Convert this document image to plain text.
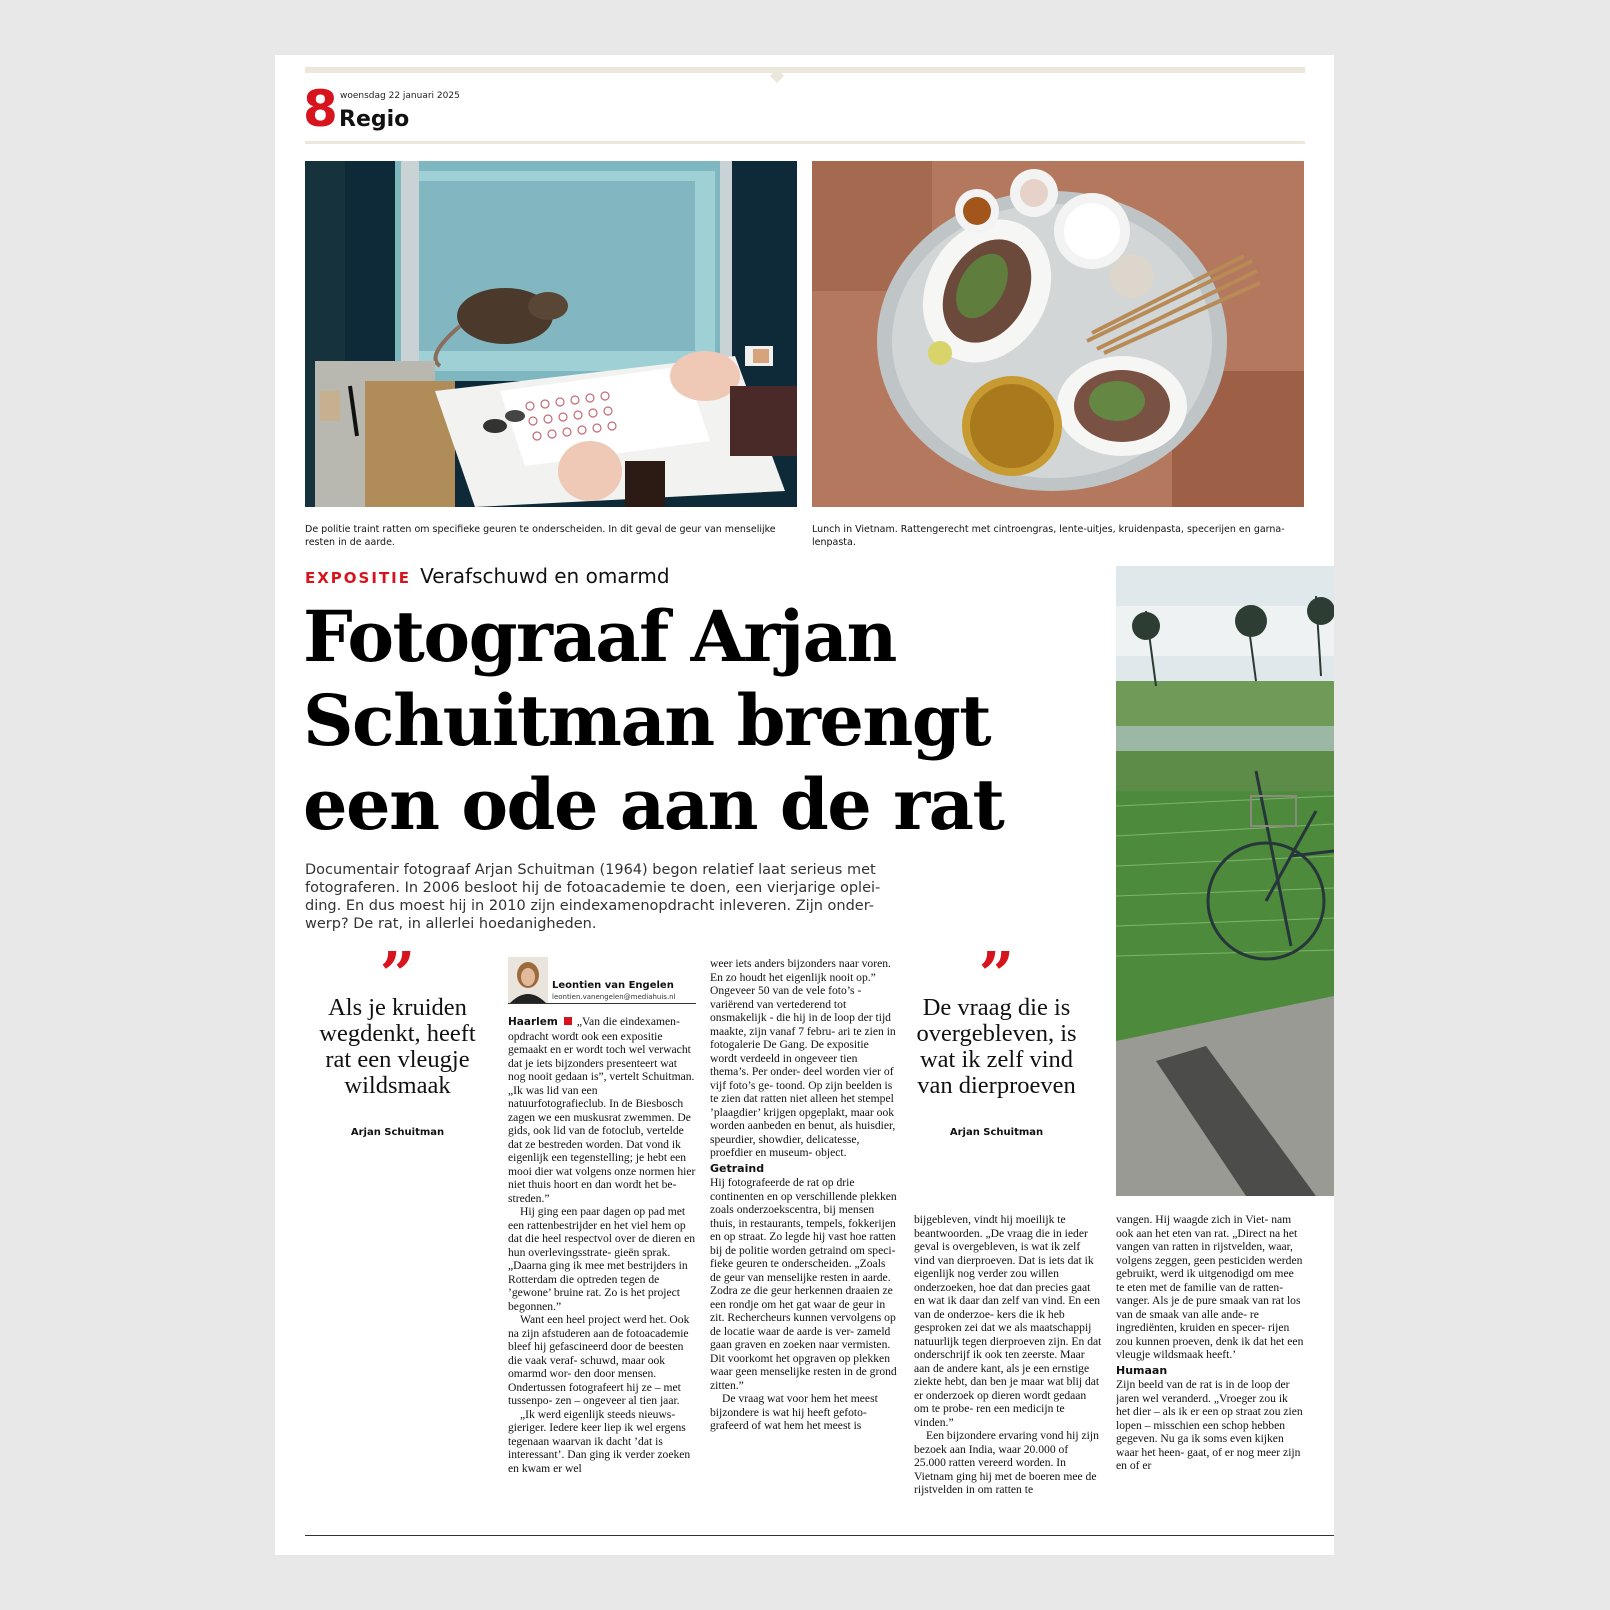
8 woensdag 22 januari 2025
Regio
De politie traint ratten om specifieke geuren te onderscheiden. In dit geval de geur van menselijke resten in de aarde.
Lunch in Vietnam. Rattengerecht met cintroengras, lente-uitjes, kruidenpasta, specerijen en garna- lenpasta.
EXPOSITIE Verafschuwd en omarmd
Fotograaf Arjan Schuitman brengt een ode aan de rat

Documentair fotograaf Arjan Schuitman (1964) begon relatief laat serieus met fotograferen. In 2006 besloot hij de fotoacademie te doen, een vierjarige oplei- ding. En dus moest hij in 2010 zijn eindexamenopdracht inleveren. Zijn onder- werp? De rat, in allerlei hoedanigheden.

”
Als je kruiden wegdenkt, heeft rat een vleugje wildsmaak
Arjan Schuitman
”
De vraag die is overgebleven, is wat ik zelf vind van dierproeven
Arjan Schuitman
Leontien van Engelen
leontien.vanengelen@mediahuis.nl

Haarlem „Van die eindexamen- opdracht wordt ook een expositie gemaakt en er wordt toch wel verwacht dat je iets bijzonders presenteert wat nog nooit gedaan is”, vertelt Schuitman. „Ik was lid van een natuurfotografieclub. In de Biesbosch zagen we een muskusrat zwemmen. De gids, ook lid van de fotoclub, vertelde dat ze bestreden worden. Dat vond ik eigenlijk een tegenstelling; je hebt een mooi dier wat volgens onze normen hier niet thuis hoort en dan wordt het be- streden.”

Hij ging een paar dagen op pad met een rattenbestrijder en het viel hem op dat die heel respectvol over de dieren en hun overlevingsstrate- gieën sprak. „Daarna ging ik mee met bestrijders in Rotterdam die optreden tegen de ’gewone’ bruine rat. Zo is het project begonnen.”

Want een heel project werd het. Ook na zijn afstuderen aan de fotoacademie bleef hij gefascineerd door de beesten die vaak veraf- schuwd, maar ook omarmd wor- den door mensen. Ondertussen fotografeert hij ze – met tussenpo- zen – ongeveer al tien jaar.

„Ik werd eigenlijk steeds nieuws- gieriger. Iedere keer liep ik wel ergens tegenaan waarvan ik dacht ’dat is interessant’. Dan ging ik verder zoeken en kwam er wel

weer iets anders bijzonders naar voren. En zo houdt het eigenlijk nooit op.” Ongeveer 50 van de vele foto’s - variërend van vertederend tot onsmakelijk - die hij in de loop der tijd maakte, zijn vanaf 7 febru- ari te zien in fotogalerie De Gang. De expositie wordt verdeeld in ongeveer tien thema’s. Per onder- deel worden vier of vijf foto’s ge- toond. Op zijn beelden is te zien dat ratten niet alleen het stempel ’plaagdier’ krijgen opgeplakt, maar ook worden aanbeden en benut, als huisdier, speurdier, showdier, delicatesse, proefdier en museum- object.

Getraind

Hij fotografeerde de rat op drie continenten en op verschillende plekken zoals onderzoekscentra, bij mensen thuis, in restaurants, tempels, fokkerijen en op straat. Zo legde hij vast hoe ratten bij de politie worden getraind om speci- fieke geuren te onderscheiden. „Zoals de geur van menselijke resten in aarde. Zodra ze die geur herkennen draaien ze een rondje om het gat waar de geur in zit. Rechercheurs kunnen vervolgens op de locatie waar de aarde is ver- zameld gaan graven en zoeken naar vermisten. Dit voorkomt het opgraven op plekken waar geen menselijke resten in de grond zitten.”

De vraag wat voor hem het meest bijzondere is wat hij heeft gefoto- grafeerd of wat hem het meest is

bijgebleven, vindt hij moeilijk te beantwoorden. „De vraag die in ieder geval is overgebleven, is wat ik zelf vind van dierproeven. Dat is iets dat ik eigenlijk nog verder zou willen onderzoeken, hoe dat dan precies gaat en wat ik daar dan zelf van vind. En een van de onderzoe- kers die ik heb gesproken zei dat we als maatschappij natuurlijk tegen dierproeven zijn. En dat onderschrijf ik ook ten zeerste. Maar aan de andere kant, als je een ernstige ziekte hebt, dan ben je maar wat blij dat er onderzoek op dieren wordt gedaan om te probe- ren een medicijn te vinden.”

Een bijzondere ervaring vond hij zijn bezoek aan India, waar 20.000 of 25.000 ratten vereerd worden. In Vietnam ging hij met de boeren mee de rijstvelden in om ratten te

vangen. Hij waagde zich in Viet- nam ook aan het eten van rat. „Direct na het vangen van ratten in rijstvelden, waar, volgens zeggen, geen pesticiden werden gebruikt, werd ik uitgenodigd om mee te eten met de familie van de ratten- vanger. Als je de pure smaak van rat los van de smaak van alle ande- re ingrediënten, kruiden en specer- rijen zou kunnen proeven, denk ik dat het een vleugje wildsmaak heeft.’

Humaan

Zijn beeld van de rat is in de loop der jaren wel veranderd. „Vroeger zou ik het dier – als ik er een op straat zou zien lopen – misschien een schop hebben gegeven. Nu ga ik soms even kijken waar het heen- gaat, of er nog meer zijn en of er
